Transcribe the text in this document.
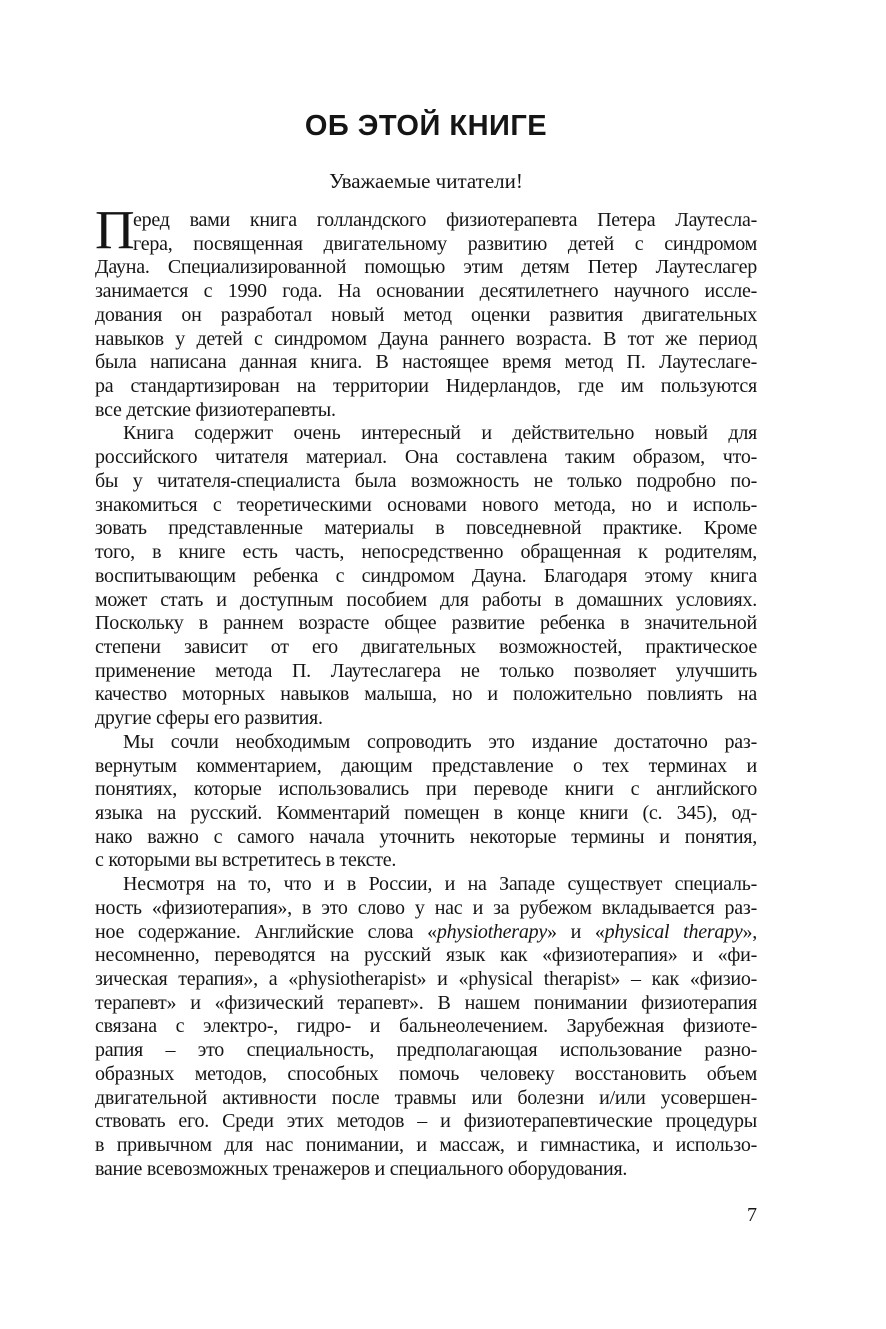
ОБ ЭТОЙ КНИГЕ
Уважаемые читатели!
П
еред вами книга голландского физиотерапевта Петера Лаутесла-
гера, посвященная двигательному развитию детей с синдромом
Дауна. Специализированной помощью этим детям Петер Лаутеслагер
занимается с 1990 года. На основании десятилетнего научного иссле-
дования он разработал новый метод оценки развития двигательных
навыков у детей с синдромом Дауна раннего возраста. В тот же период
была написана данная книга. В настоящее время метод П. Лаутеслаге-
ра стандартизирован на территории Нидерландов, где им пользуются
все детские физиотерапевты.
Книга содержит очень интересный и действительно новый для
российского читателя материал. Она составлена таким образом, что-
бы у читателя-специалиста была возможность не только подробно по-
знакомиться с теоретическими основами нового метода, но и исполь-
зовать представленные материалы в повседневной практике. Кроме
того, в книге есть часть, непосредственно обращенная к родителям,
воспитывающим ребенка с синдромом Дауна. Благодаря этому книга
может стать и доступным пособием для работы в домашних условиях.
Поскольку в раннем возрасте общее развитие ребенка в значительной
степени зависит от его двигательных возможностей, практическое
применение метода П. Лаутеслагера не только позволяет улучшить
качество моторных навыков малыша, но и положительно повлиять на
другие сферы его развития.
Мы сочли необходимым сопроводить это издание достаточно раз-
вернутым комментарием, дающим представление о тех терминах и
понятиях, которые использовались при переводе книги с английского
языка на русский. Комментарий помещен в конце книги (с. 345), од-
нако важно с самого начала уточнить некоторые термины и понятия,
с которыми вы встретитесь в тексте.
Несмотря на то, что и в России, и на Западе существует специаль-
ность «физиотерапия», в это слово у нас и за рубежом вкладывается раз-
ное содержание. Английские слова «physiotherapy» и «physical therapy»,
несомненно, переводятся на русский язык как «физиотерапия» и «фи-
зическая терапия», а «physiotherapist» и «physical therapist» – как «физио-
терапевт» и «физический терапевт». В нашем понимании физиотерапия
связана с электро-, гидро- и бальнеолечением. Зарубежная физиоте-
рапия – это специальность, предполагающая использование разно-
образных методов, способных помочь человеку восстановить объем
двигательной активности после травмы или болезни и/или усовершен-
ствовать его. Среди этих методов – и физиотерапевтические процедуры
в привычном для нас понимании, и массаж, и гимнастика, и использо-
вание всевозможных тренажеров и специального оборудования.
7
